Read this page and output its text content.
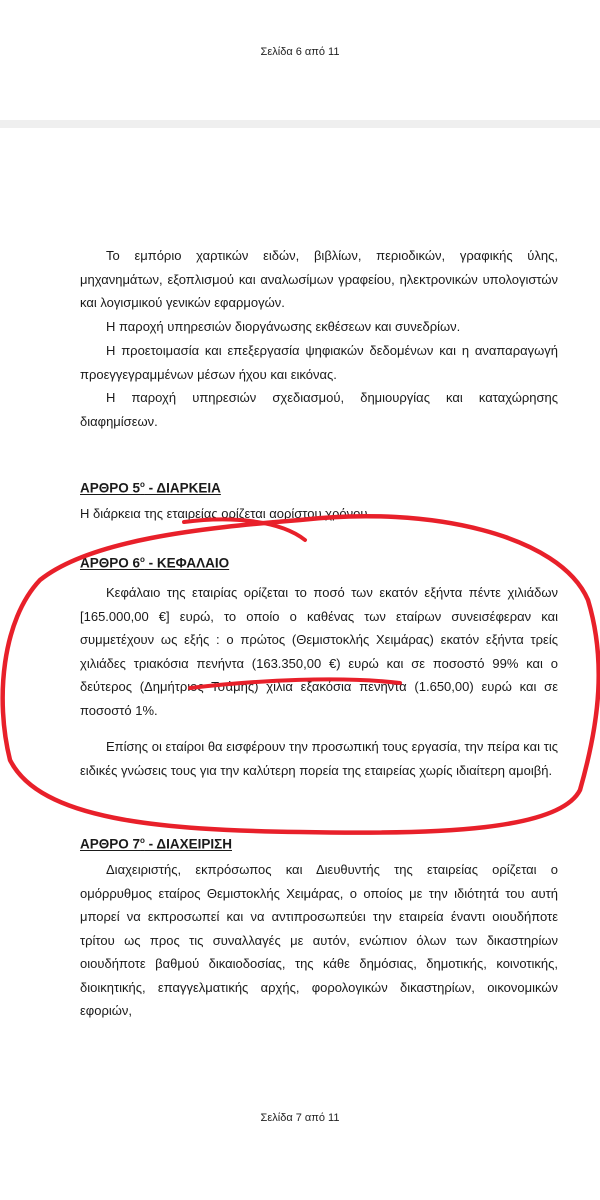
Σελίδα 6 από 11

Το εμπόριο χαρτικών ειδών, βιβλίων, περιοδικών, γραφικής ύλης, μηχανημάτων, εξοπλισμού και αναλωσίμων γραφείου, ηλεκτρονικών υπολογιστών και λογισμικού γενικών εφαρμογών.

Η παροχή υπηρεσιών διοργάνωσης εκθέσεων και συνεδρίων.

Η προετοιμασία και επεξεργασία ψηφιακών δεδομένων και η αναπαραγωγή προεγγεγραμμένων μέσων ήχου και εικόνας.

Η παροχή υπηρεσιών σχεδιασμού, δημιουργίας και καταχώρησης διαφημίσεων.

ΑΡΘΡΟ $5^o$ - ΔΙΑΡΚΕΙΑ

Η διάρκεια της εταιρείας ορίζεται αορίστου χρόνου.

ΑΡΘΡΟ $6^o$ - ΚΕΦΑΛΑΙΟ

Κεφάλαιο της εταιρίας ορίζεται το ποσό των εκατόν εξήντα πέντε χιλιάδων [165.000,00 €] ευρώ, το οποίο ο καθένας των εταίρων συνεισέφεραν και συμμετέχουν ως εξής : ο πρώτος (Θεμιστοκλής Χειμάρας) εκατόν εξήντα τρείς χιλιάδες τριακόσια πενήντα (163.350,00 €) ευρώ και σε ποσοστό 99% και ο δεύτερος (Δημήτριος Τσάμης) χίλια εξακόσια πενήντα (1.650,00) ευρώ και σε ποσοστό 1%.

Επίσης οι εταίροι θα εισφέρουν την προσωπική τους εργασία, την πείρα και τις ειδικές γνώσεις τους για την καλύτερη πορεία της εταιρείας χωρίς ιδιαίτερη αμοιβή.

ΑΡΘΡΟ $7^o$ - ΔΙΑΧΕΙΡΙΣΗ

Διαχειριστής, εκπρόσωπος και Διευθυντής της εταιρείας ορίζεται ο ομόρρυθμος εταίρος Θεμιστοκλής Χειμάρας, ο οποίος με την ιδιότητά του αυτή μπορεί να εκπροσωπεί και να αντιπροσωπεύει την εταιρεία έναντι οιουδήποτε τρίτου ως προς τις συναλλαγές με αυτόν, ενώπιον όλων των δικαστηρίων οιουδήποτε βαθμού δικαιοδοσίας, της κάθε δημόσιας, δημοτικής, κοινοτικής, διοικητικής, επαγγελματικής αρχής, φορολογικών δικαστηρίων, οικονομικών εφοριών,

Σελίδα 7 από 11
